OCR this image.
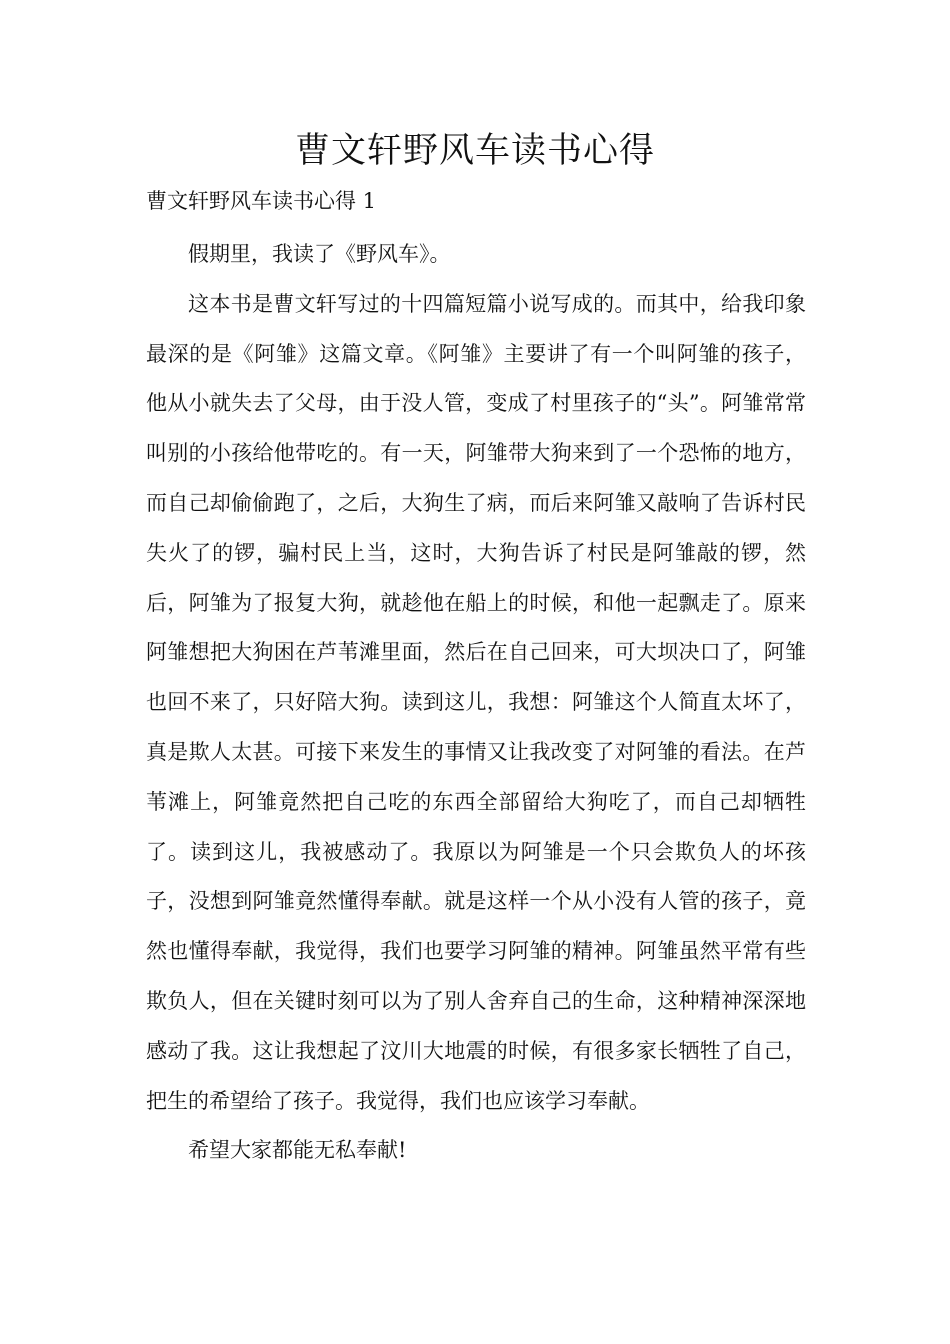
曹文轩野风车读书心得
曹文轩野风车读书心得 1

假期里，我读了《野风车》。

这本书是曹文轩写过的十四篇短篇小说写成的。而其中，给我印象最深的是《阿雏》这篇文章。《阿雏》主要讲了有一个叫阿雏的孩子，他从小就失去了父母，由于没人管，变成了村里孩子的“头”。阿雏常常叫别的小孩给他带吃的。有一天，阿雏带大狗来到了一个恐怖的地方，而自己却偷偷跑了，之后，大狗生了病，而后来阿雏又敲响了告诉村民失火了的锣，骗村民上当，这时，大狗告诉了村民是阿雏敲的锣，然后，阿雏为了报复大狗，就趁他在船上的时候，和他一起飘走了。原来阿雏想把大狗困在芦苇滩里面，然后在自己回来，可大坝决口了，阿雏也回不来了，只好陪大狗。读到这儿，我想：阿雏这个人简直太坏了，真是欺人太甚。可接下来发生的事情又让我改变了对阿雏的看法。在芦苇滩上，阿雏竟然把自己吃的东西全部留给大狗吃了，而自己却牺牲了。读到这儿，我被感动了。我原以为阿雏是一个只会欺负人的坏孩子，没想到阿雏竟然懂得奉献。就是这样一个从小没有人管的孩子，竟然也懂得奉献，我觉得，我们也要学习阿雏的精神。阿雏虽然平常有些欺负人，但在关键时刻可以为了别人舍弃自己的生命，这种精神深深地感动了我。这让我想起了汶川大地震的时候，有很多家长牺牲了自己，把生的希望给了孩子。我觉得，我们也应该学习奉献。

希望大家都能无私奉献!
